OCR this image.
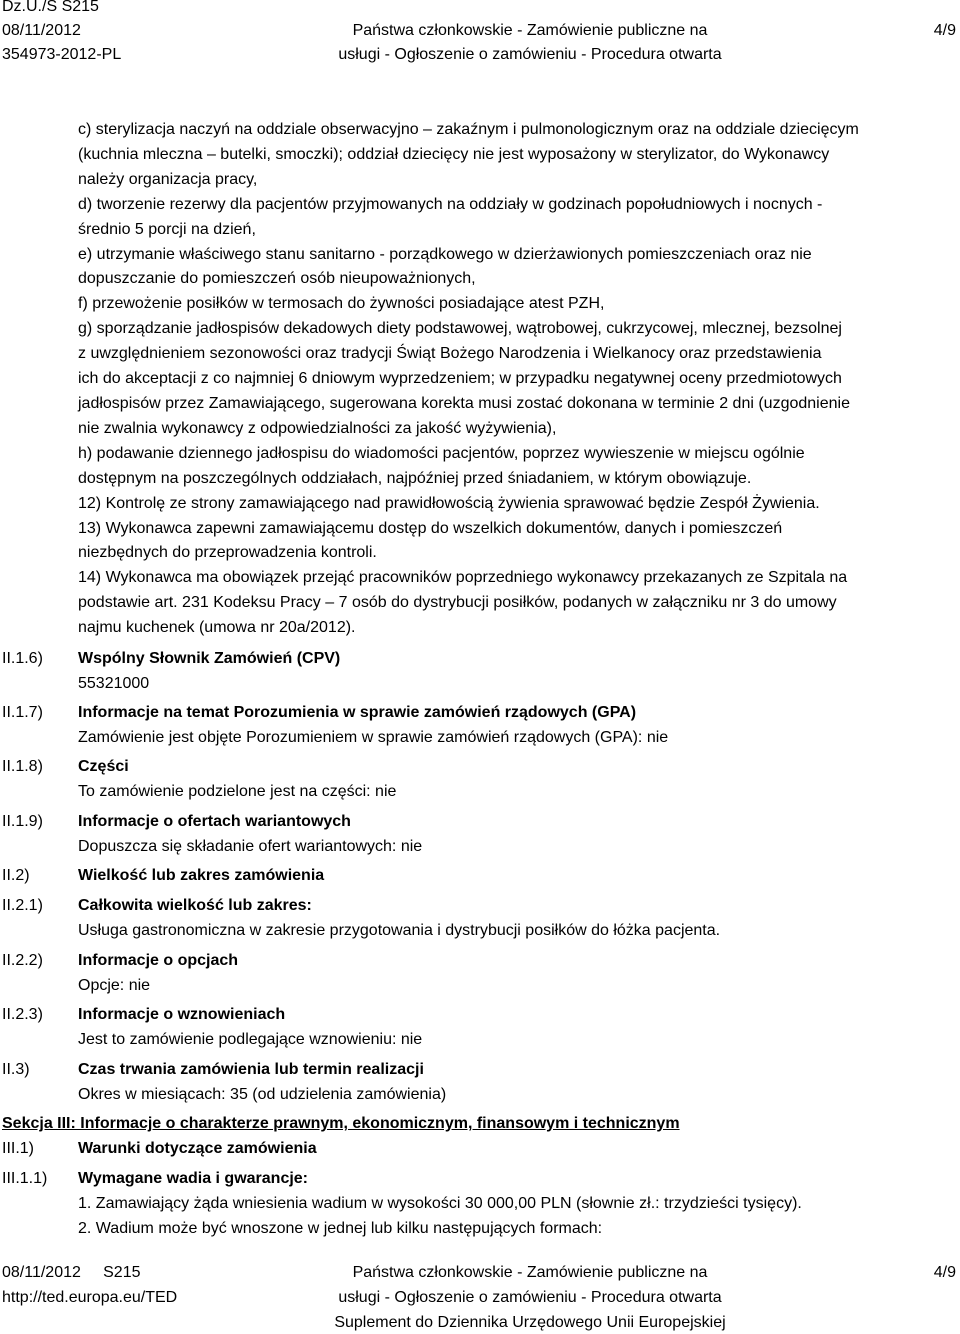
Dz.U./S S215
08/11/2012
354973-2012-PL
Państwa członkowskie - Zamówienie publiczne na
usługi - Ogłoszenie o zamówieniu - Procedura otwarta
4/9

c) sterylizacja naczyń na oddziale obserwacyjno – zakaźnym i pulmonologicznym oraz na oddziale dziecięcym

(kuchnia mleczna – butelki, smoczki); oddział dziecięcy nie jest wyposażony w sterylizator, do Wykonawcy

należy organizacja pracy,

d) tworzenie rezerwy dla pacjentów przyjmowanych na oddziały w godzinach popołudniowych i nocnych -

średnio 5 porcji na dzień,

e) utrzymanie właściwego stanu sanitarno - porządkowego w dzierżawionych pomieszczeniach oraz nie

dopuszczanie do pomieszczeń osób nieupoważnionych,

f) przewożenie posiłków w termosach do żywności posiadające atest PZH,

g) sporządzanie jadłospisów dekadowych diety podstawowej, wątrobowej, cukrzycowej, mlecznej, bezsolnej

z uwzględnieniem sezonowości oraz tradycji Świąt Bożego Narodzenia i Wielkanocy oraz przedstawienia

ich do akceptacji z co najmniej 6 dniowym wyprzedzeniem; w przypadku negatywnej oceny przedmiotowych

jadłospisów przez Zamawiającego, sugerowana korekta musi zostać dokonana w terminie 2 dni (uzgodnienie

nie zwalnia wykonawcy z odpowiedzialności za jakość wyżywienia),

h) podawanie dziennego jadłospisu do wiadomości pacjentów, poprzez wywieszenie w miejscu ogólnie

dostępnym na poszczególnych oddziałach, najpóźniej przed śniadaniem, w którym obowiązuje.

12) Kontrolę ze strony zamawiającego nad prawidłowością żywienia sprawować będzie Zespół Żywienia.

13) Wykonawca zapewni zamawiającemu dostęp do wszelkich dokumentów, danych i pomieszczeń

niezbędnych do przeprowadzenia kontroli.

14) Wykonawca ma obowiązek przejąć pracowników poprzedniego wykonawcy przekazanych ze Szpitala na

podstawie art. 231 Kodeksu Pracy – 7 osób do dystrybucji posiłków, podanych w załączniku nr 3 do umowy

najmu kuchenek (umowa nr 20a/2012).

II.1.6) Wspólny Słownik Zamówień (CPV)
55321000
II.1.7) Informacje na temat Porozumienia w sprawie zamówień rządowych (GPA)
Zamówienie jest objęte Porozumieniem w sprawie zamówień rządowych (GPA): nie
II.1.8) Części
To zamówienie podzielone jest na części: nie
II.1.9) Informacje o ofertach wariantowych
Dopuszcza się składanie ofert wariantowych: nie
II.2)	Wielkość lub zakres zamówienia
II.2.1) Całkowita wielkość lub zakres:
Usługa gastronomiczna w zakresie przygotowania i dystrybucji posiłków do łóżka pacjenta.
II.2.2) Informacje o opcjach
Opcje: nie
II.2.3) Informacje o wznowieniach
Jest to zamówienie podlegające wznowieniu: nie
II.3)	Czas trwania zamówienia lub termin realizacji
Okres w miesiącach: 35 (od udzielenia zamówienia)
Sekcja III: Informacje o charakterze prawnym, ekonomicznym, finansowym i technicznym
III.1)	Warunki dotyczące zamówienia
III.1.1) Wymagane wadia i gwarancje:
1. Zamawiający żąda wniesienia wadium w wysokości 30 000,00 PLN (słownie zł.: trzydzieści tysięcy).
2. Wadium może być wnoszone w jednej lub kilku następujących formach:
08/11/2012     S215
http://ted.europa.eu/TED
Państwa członkowskie - Zamówienie publiczne na
usługi - Ogłoszenie o zamówieniu - Procedura otwarta
Suplement do Dziennika Urzędowego Unii Europejskiej
4/9
